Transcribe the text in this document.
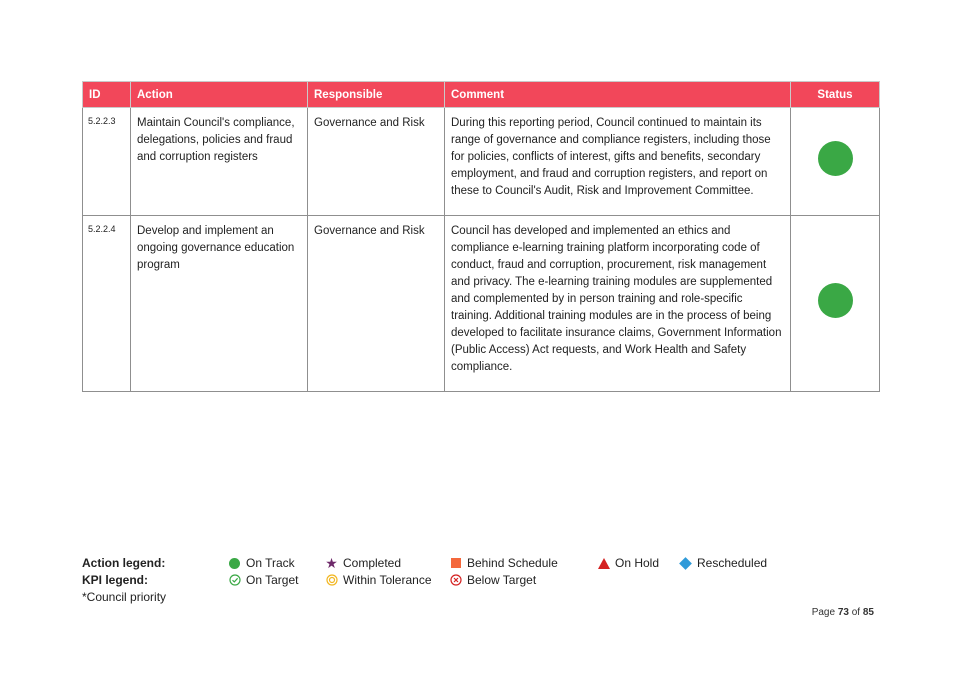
ID	Action	Responsible	Comment	Status
5.2.2.3	Maintain Council's compliance, delegations, policies and fraud and corruption registers	Governance and Risk	During this reporting period, Council continued to maintain its range of governance and compliance registers, including those for policies, conflicts of interest, gifts and benefits, secondary employment, and fraud and corruption registers, and report on these to Council's Audit, Risk and Improvement Committee.	
5.2.2.4	Develop and implement an ongoing governance education program	Governance and Risk	Council has developed and implemented an ethics and compliance e-learning training platform incorporating code of conduct, fraud and corruption, procurement, risk management and privacy. The e-learning training modules are supplemented and complemented by in person training and role-specific training. Additional training modules are in the process of being developed to facilitate insurance claims, Government Information (Public Access) Act requests, and Work Health and Safety compliance.	
Action legend:
KPI legend:
*Council priority
On Track ★ Completed	Behind Schedule	On Hold	Rescheduled
On Target	Within Tolerance	Below Target
Page 73 of 85
